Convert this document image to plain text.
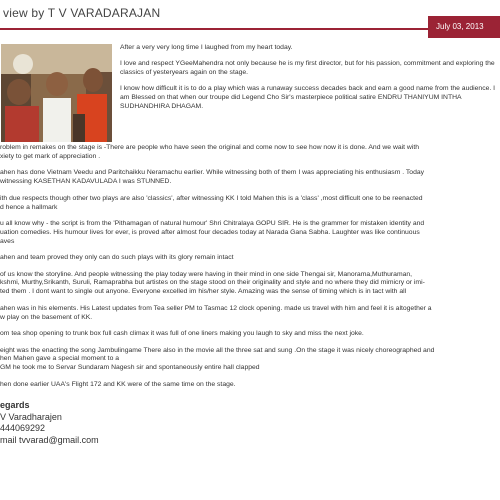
view by T V VARADARAJAN
July 03, 2013

After a very very long time I laughed from my heart today.

I love and respect YGeeMahendra not only because he is my first director, but for his passion, commitment and exploring the classics of yesteryears again on the stage.

I know how difficult it is to do a play which was a runaway success decades back and earn a good name from the audience. I am Blessed on that when our troupe did Legend Cho Sir's masterpiece political satire ENDRU THANIYUM INTHA SUDHANDHIRA DHAGAM.

roblem in remakes on the stage is -There are people who have seen the original and come now to see how now it is done. And we wait with
xiety to get mark of appreciation .

ahen has done Vietnam Veedu and Paritchaikku Neramachu earlier. While witnessing both of them I was appreciating his enthusiasm . Today
witnessing KASETHAN KADAVULADA I was STUNNED.

ith due respects though other two plays are also 'classics', after witnessing KK I told Mahen this is a 'class' ,most difficult one to be reenacted
d hence a hallmark

u all know why - the script is from the 'Pithamagan of natural humour' Shri Chitralaya GOPU SIR. He is the grammer for mistaken identity and
uation comedies. His humour lives for ever, is proved after almost four decades today at Narada Gana Sabha. Laughter was like continuous
aves

ahen and team proved they only can do such plays with its glory remain intact

of us know the storyline. And people witnessing the play today were having in their mind in one side Thengai sir, Manorama,Muthuraman,
kshmi, Murthy,Srikanth, Suruli, Ramaprabha but artistes on the stage stood on their originality and style and no where they did mimicry or imi-
ted them . I dont want to single out anyone. Everyone excelled im his/her style. Amazing was the sense of timing which is in tact with all

ahen was in his elements. His Latest updates from Tea seller PM to Tasmac 12 clock opening. made us travel with him and feel it is altogether a
w play on the basement of KK.

om tea shop opening to trunk box full cash climax it was full of one liners making you laugh to sky and miss the next joke.

eight was the enacting the song Jambulingame There also in the movie all the three sat and sung .On the stage it was nicely choreographed and
hen Mahen gave a special moment to a
GM he took me to Servar Sundaram Nagesh sir and spontaneously entire hall clapped

hen done earlier UAA's Flight 172 and KK were of the same time on the stage.

egards
V Varadharajen
444069292
mail tvvarad@gmail.com
